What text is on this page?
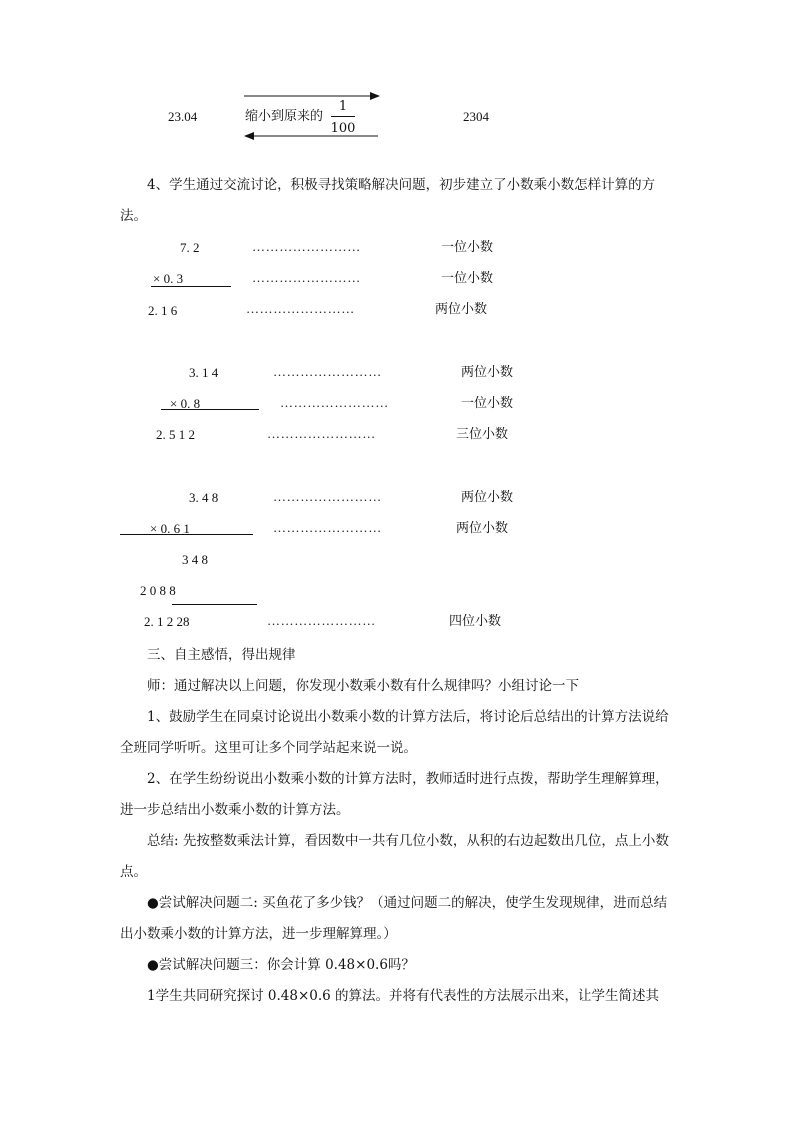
23.04	缩小到原来的
1
100
2304
4、学生通过交流讨论，积极寻找策略解决问题，初步建立了小数乘小数怎样计算的方法。
7. 2	……………………	一位小数
× 0. 3	……………………	一位小数
2. 1 6	……………………	两位小数
3. 1 4	……………………	两位小数
× 0. 8	……………………	一位小数
2. 5 1 2	……………………	三位小数
3. 4 8	……………………	两位小数
× 0. 6 1	……………………	两位小数
3 4 8
2 0 8 8
2. 1 2 28	……………………	四位小数
三、自主感悟，得出规律
师：通过解决以上问题，你发现小数乘小数有什么规律吗？小组讨论一下
1、鼓励学生在同桌讨论说出小数乘小数的计算方法后，将讨论后总结出的计算方法说给全班同学听听。这里可让多个同学站起来说一说。
2、在学生纷纷说出小数乘小数的计算方法时，教师适时进行点拨，帮助学生理解算理，进一步总结出小数乘小数的计算方法。
总结: 先按整数乘法计算，看因数中一共有几位小数，从积的右边起数出几位，点上小数点。
●尝试解决问题二: 买鱼花了多少钱？（通过问题二的解决，使学生发现规律，进而总结出小数乘小数的计算方法，进一步理解算理。）
●尝试解决问题三：你会计算 0.48×0.6吗？
1学生共同研究探讨 0.48×0.6 的算法。并将有代表性的方法展示出来，让学生简述其
